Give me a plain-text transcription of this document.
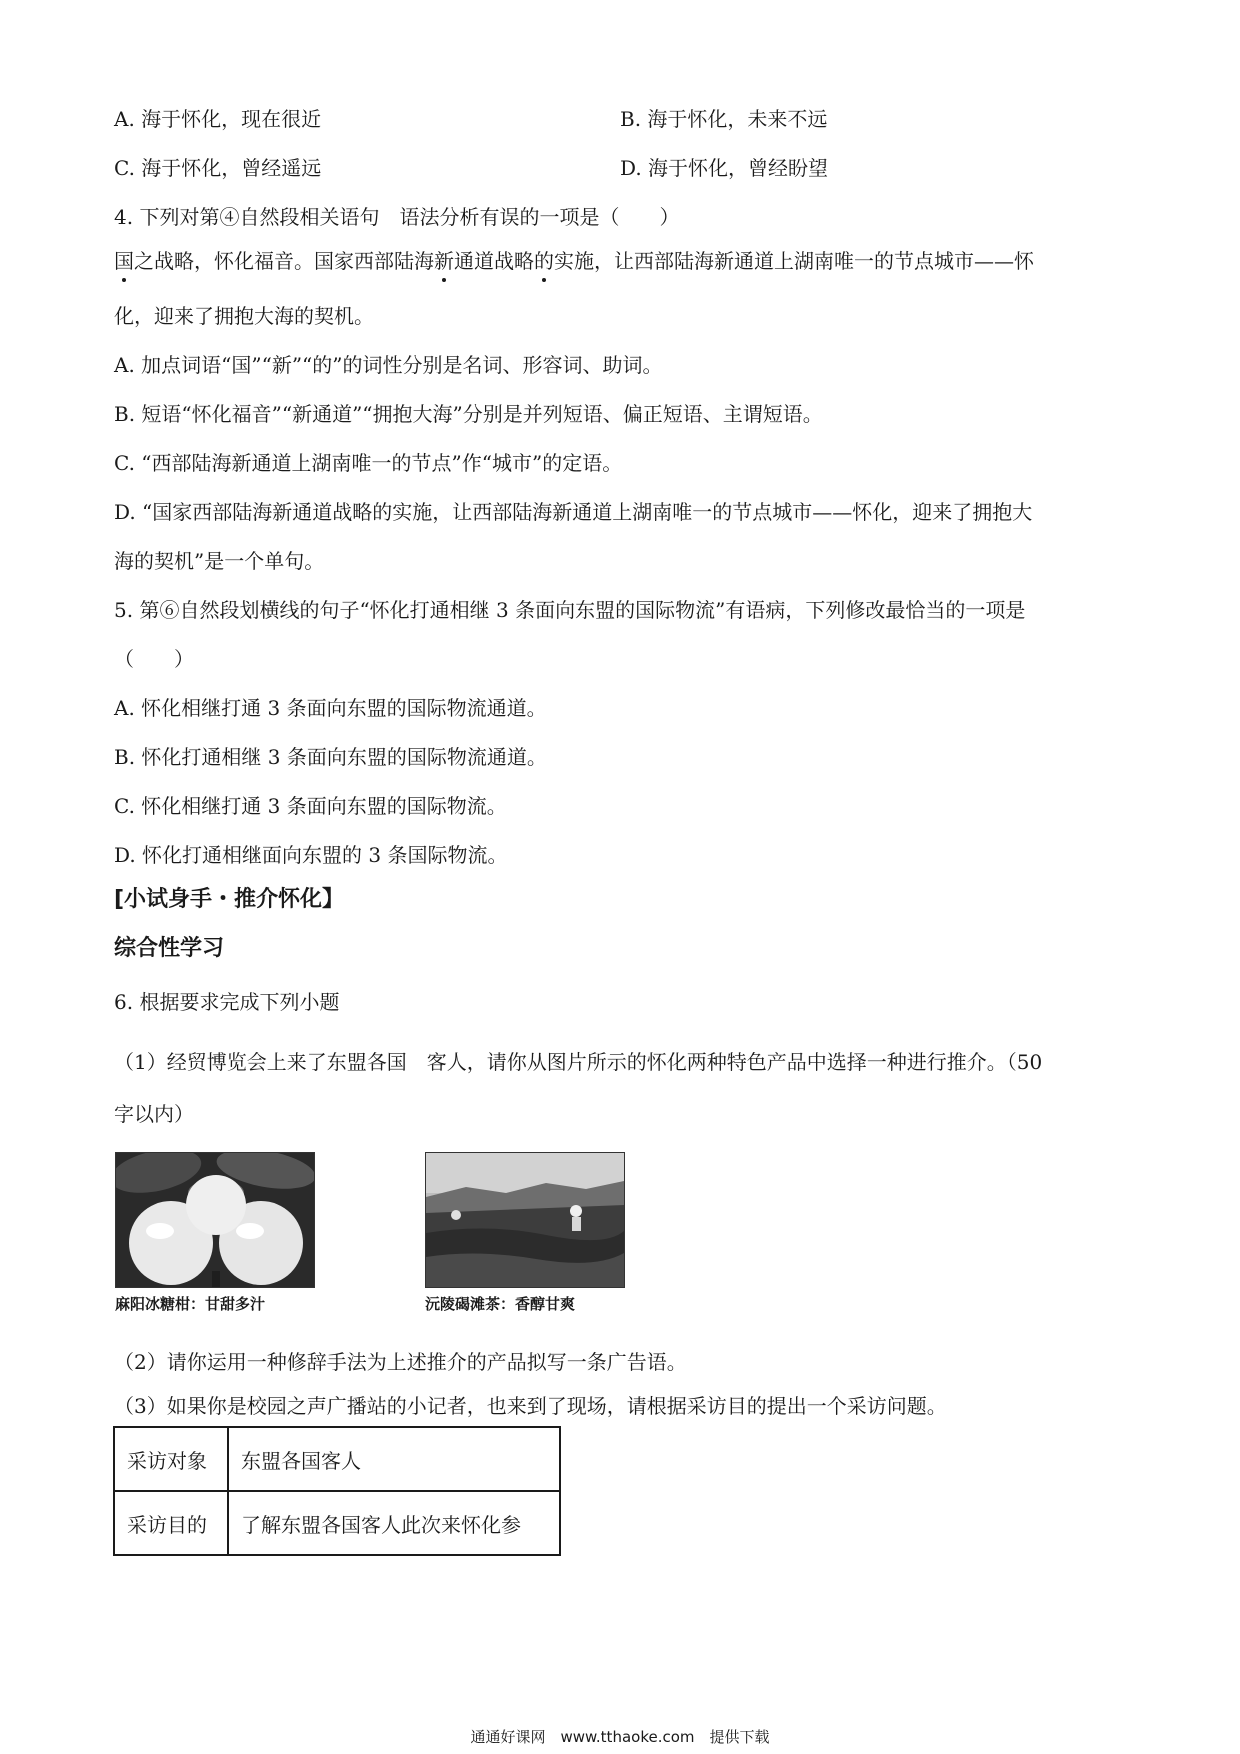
A. 海于怀化，现在很近	B. 海于怀化，未来不远
C. 海于怀化，曾经遥远	D. 海于怀化，曾经盼望
4. 下列对第④自然段相关语句　语法分析有误的一项是（　　）
国之战略，怀化福音。国家西部陆海新通道战略的实施，让西部陆海新通道上湖南唯一的节点城市——怀
化，迎来了拥抱大海的契机。
A. 加点词语“国”“新”“的”的词性分别是名词、形容词、助词。
B. 短语“怀化福音”“新通道”“拥抱大海”分别是并列短语、偏正短语、主谓短语。
C. “西部陆海新通道上湖南唯一的节点”作“城市”的定语。
D. “国家西部陆海新通道战略的实施，让西部陆海新通道上湖南唯一的节点城市——怀化，迎来了拥抱大
海的契机”是一个单句。
5. 第⑥自然段划横线的句子“怀化打通相继 3 条面向东盟的国际物流”有语病，下列修改最恰当的一项是
（　　）
A. 怀化相继打通 3 条面向东盟的国际物流通道。
B. 怀化打通相继 3 条面向东盟的国际物流通道。
C. 怀化相继打通 3 条面向东盟的国际物流。
D. 怀化打通相继面向东盟的 3 条国际物流。
[小试身手・推介怀化】
综合性学习
6. 根据要求完成下列小题
（1）经贸博览会上来了东盟各国　客人，请你从图片所示的怀化两种特色产品中选择一种进行推介。（50
字以内）
麻阳冰糖柑：甘甜多汁	沅陵碣滩茶：香醇甘爽
（2）请你运用一种修辞手法为上述推介的产品拟写一条广告语。
（3）如果你是校园之声广播站的小记者，也来到了现场，请根据采访目的提出一个采访问题。
采访对象	东盟各国客人
采访目的	了解东盟各国客人此次来怀化参
通通好课网　www.tthaoke.com　提供下载
